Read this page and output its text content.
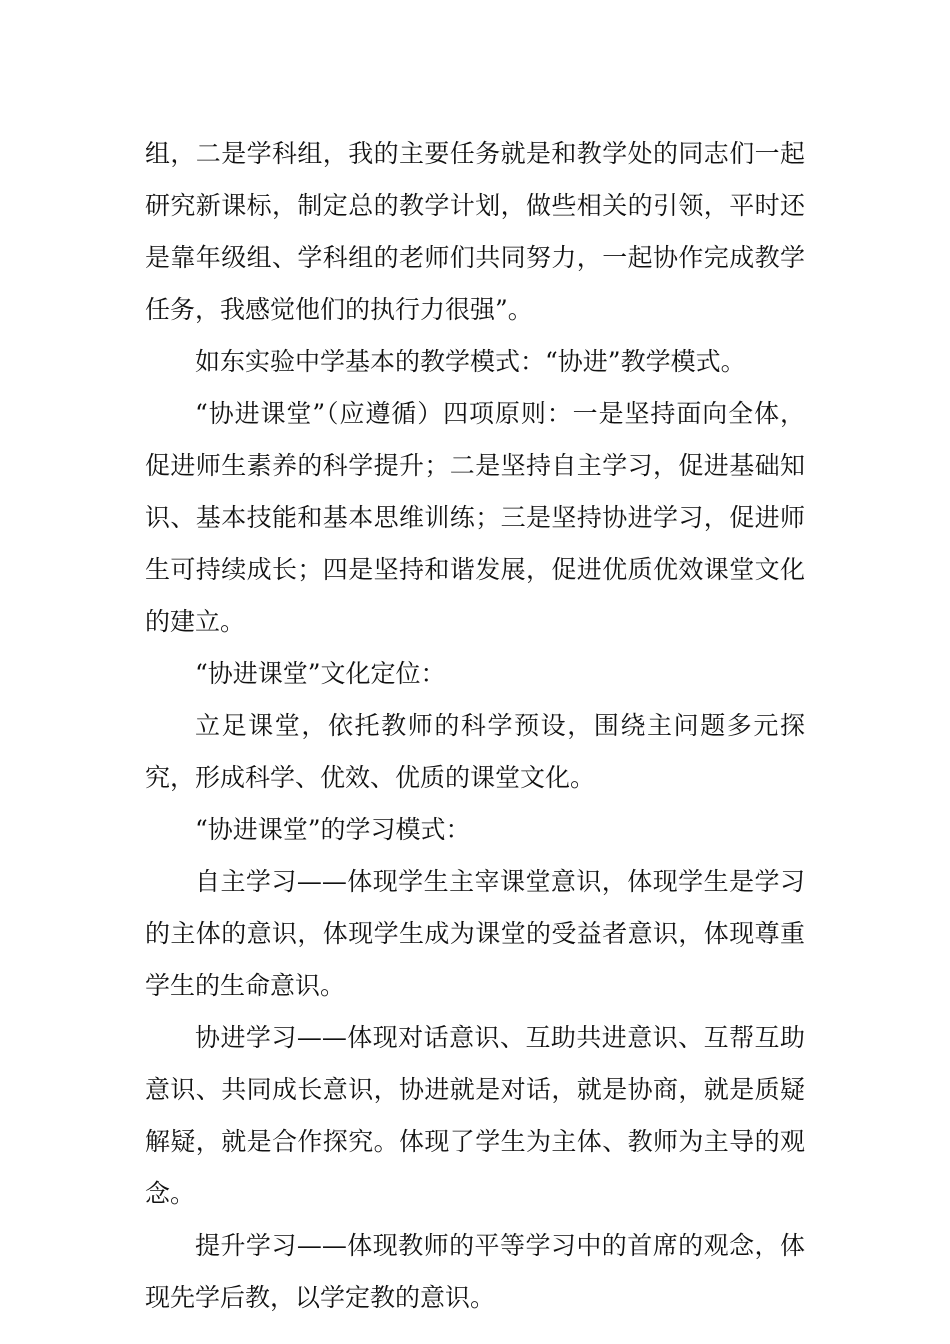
组，二是学科组，我的主要任务就是和教学处的同志们一起研究新课标，制定总的教学计划，做些相关的引领，平时还是靠年级组、学科组的老师们共同努力，一起协作完成教学任务，我感觉他们的执行力很强”。

如东实验中学基本的教学模式：“协进”教学模式。

“协进课堂”（应遵循）四项原则：一是坚持面向全体，促进师生素养的科学提升；二是坚持自主学习，促进基础知识、基本技能和基本思维训练；三是坚持协进学习，促进师生可持续成长；四是坚持和谐发展，促进优质优效课堂文化的建立。

“协进课堂”文化定位：

立足课堂，依托教师的科学预设，围绕主问题多元探究，形成科学、优效、优质的课堂文化。

“协进课堂”的学习模式：

自主学习——体现学生主宰课堂意识，体现学生是学习的主体的意识，体现学生成为课堂的受益者意识，体现尊重学生的生命意识。

协进学习——体现对话意识、互助共进意识、互帮互助意识、共同成长意识，协进就是对话，就是协商，就是质疑解疑，就是合作探究。体现了学生为主体、教师为主导的观念。

提升学习——体现教师的平等学习中的首席的观念，体现先学后教，以学定教的意识。
